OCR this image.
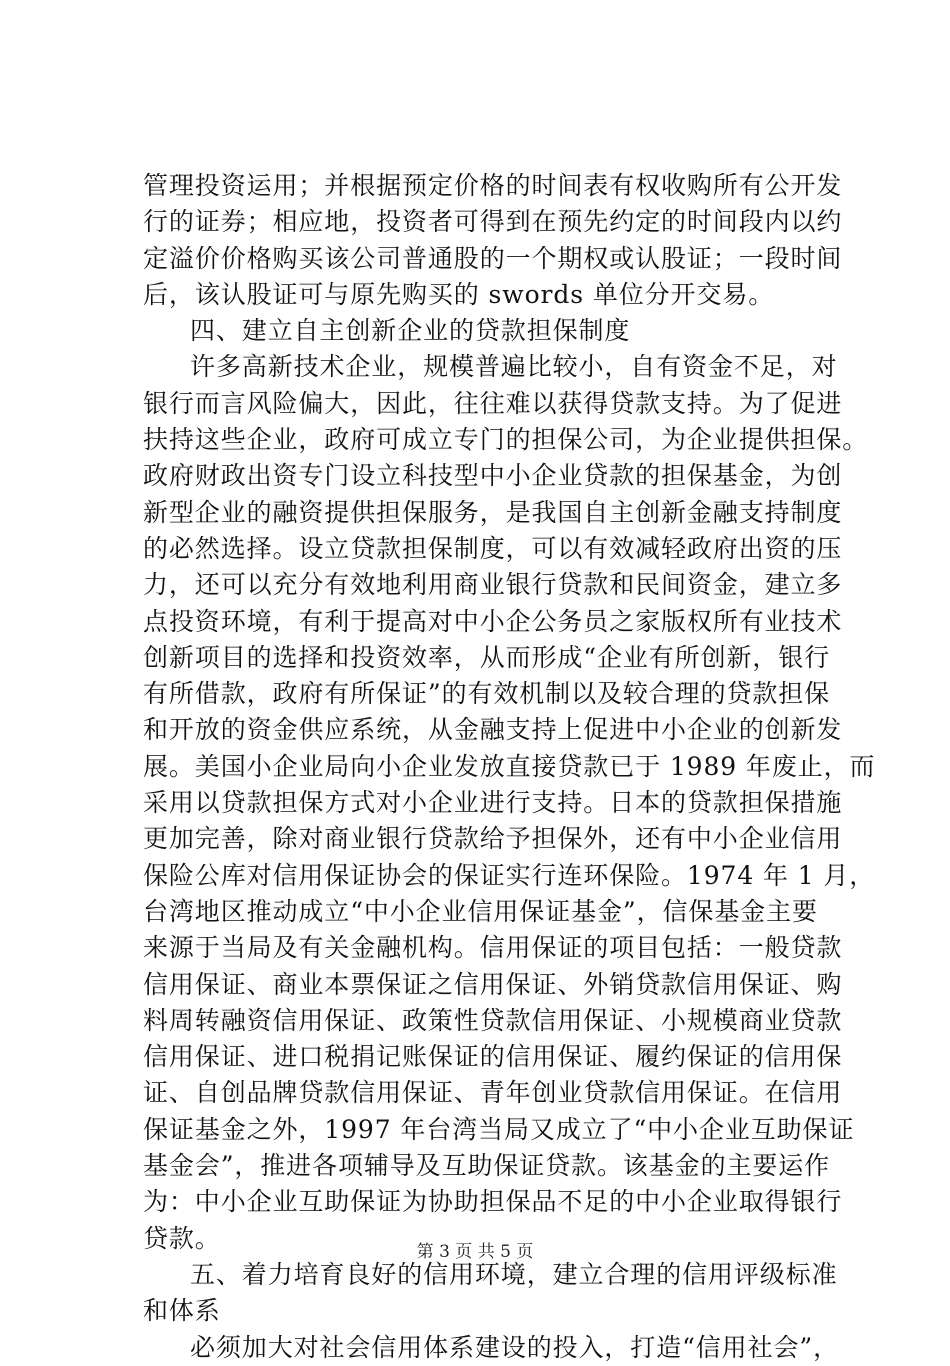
管理投资运用；并根据预定价格的时间表有权收购所有公开发
行的证券；相应地，投资者可得到在预先约定的时间段内以约
定溢价价格购买该公司普通股的一个期权或认股证；一段时间
后，该认股证可与原先购买的 swords 单位分开交易。
四、建立自主创新企业的贷款担保制度
许多高新技术企业，规模普遍比较小，自有资金不足，对
银行而言风险偏大，因此，往往难以获得贷款支持。为了促进
扶持这些企业，政府可成立专门的担保公司，为企业提供担保。
政府财政出资专门设立科技型中小企业贷款的担保基金，为创
新型企业的融资提供担保服务，是我国自主创新金融支持制度
的必然选择。设立贷款担保制度，可以有效减轻政府出资的压
力，还可以充分有效地利用商业银行贷款和民间资金，建立多
点投资环境，有利于提高对中小企公务员之家版权所有业技术
创新项目的选择和投资效率，从而形成“企业有所创新，银行
有所借款，政府有所保证”的有效机制以及较合理的贷款担保
和开放的资金供应系统，从金融支持上促进中小企业的创新发
展。美国小企业局向小企业发放直接贷款已于 1989 年废止，而
采用以贷款担保方式对小企业进行支持。日本的贷款担保措施
更加完善，除对商业银行贷款给予担保外，还有中小企业信用
保险公库对信用保证协会的保证实行连环保险。1974 年 1 月，
台湾地区推动成立“中小企业信用保证基金”，信保基金主要
来源于当局及有关金融机构。信用保证的项目包括：一般贷款
信用保证、商业本票保证之信用保证、外销贷款信用保证、购
料周转融资信用保证、政策性贷款信用保证、小规模商业贷款
信用保证、进口税捐记账保证的信用保证、履约保证的信用保
证、自创品牌贷款信用保证、青年创业贷款信用保证。在信用
保证基金之外，1997 年台湾当局又成立了“中小企业互助保证
基金会”，推进各项辅导及互助保证贷款。该基金的主要运作
为：中小企业互助保证为协助担保品不足的中小企业取得银行
贷款。
五、着力培育良好的信用环境，建立合理的信用评级标准
和体系
必须加大对社会信用体系建设的投入，打造“信用社会”，
第 3 页 共 5 页
